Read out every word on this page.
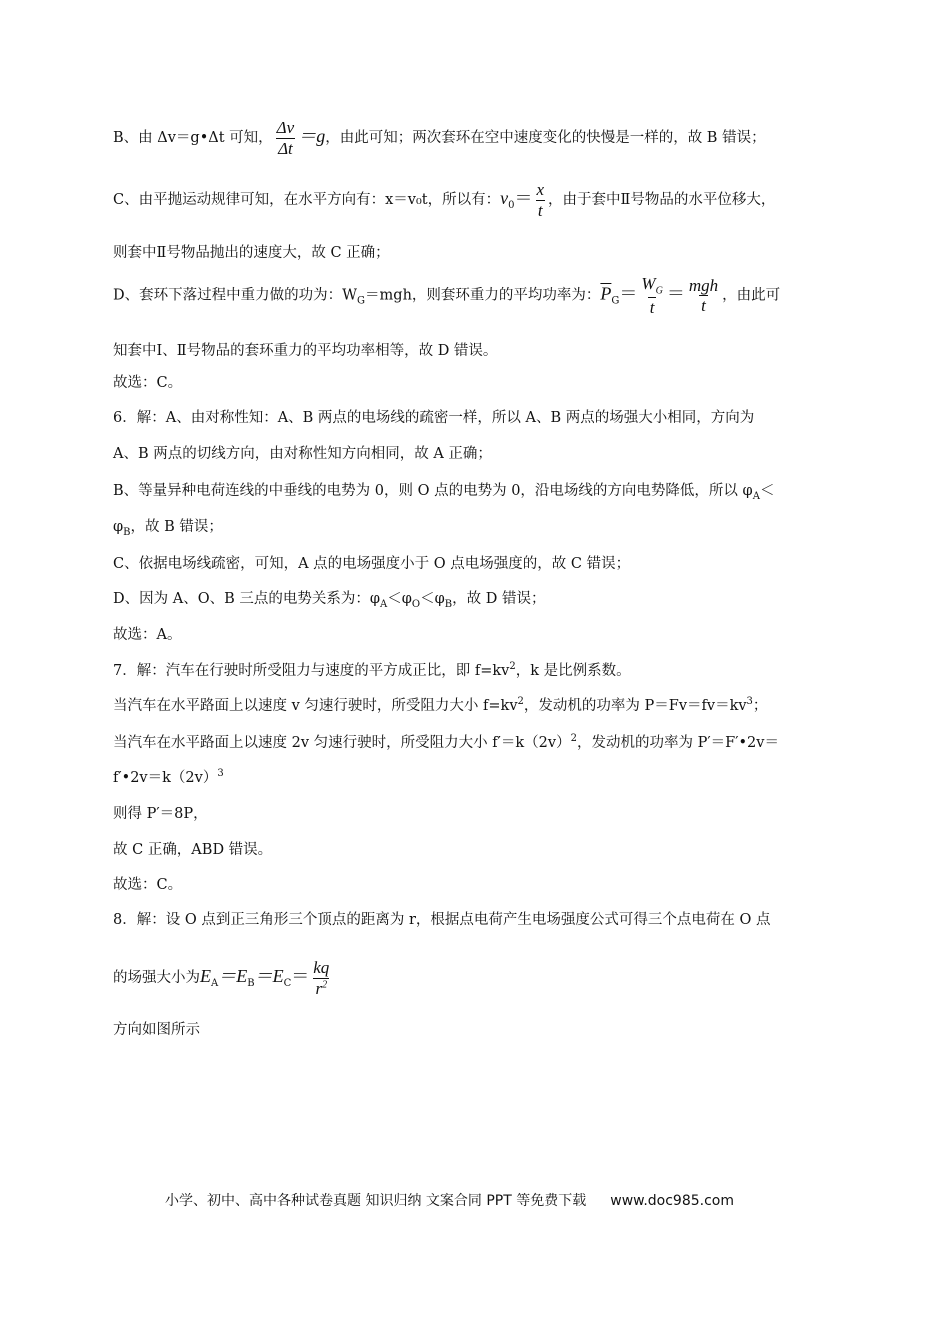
B、由 Δv＝g•Δt 可知， $\frac{\Delta v}{\Delta t} =g$，由此可知；两次套环在空中速度变化的快慢是一样的，故 B 错误；
C、由平抛运动规律可知，在水平方向有：x＝v₀t，所以有：$v_0= \frac{x}{t}$ ，由于套中Ⅱ号物品的水平位移大，
则套中Ⅱ号物品抛出的速度大，故 C 正确；
D、套环下落过程中重力做的功为：$W_G=mgh$，则套环重力的平均功率为：$\overline{P}_G= \frac{W_G}{t} = \frac{\text{mgh}}{t}$ ，由此可
知套中Ⅰ、Ⅱ号物品的套环重力的平均功率相等，故 D 错误。
故选：C。
6．解：A、由对称性知：A、B 两点的电场线的疏密一样，所以 A、B 两点的场强大小相同，方向为
A、B 两点的切线方向，由对称性知方向相同，故 A 正确；
B、等量异种电荷连线的中垂线的电势为 0，则 O 点的电势为 0，沿电场线的方向电势降低，所以 $\varphi_A<$
$\varphi_B$，故 B 错误；
C、依据电场线疏密，可知，A 点的电场强度小于 O 点电场强度的，故 C 错误；
D、因为 A、O、B 三点的电势关系为：$\varphi_A<\varphi_O<\varphi_B$，故 D 错误；
故选：A。
7．解：汽车在行驶时所受阻力与速度的平方成正比，即 $f=kv^2$，k 是比例系数。
当汽车在水平路面上以速度 v 匀速行驶时，所受阻力大小 $f=kv^2$，发动机的功率为 $P=Fv=fv=kv^3$；
当汽车在水平路面上以速度 2v 匀速行驶时，所受阻力大小 $f'=k(2v)^2$，发动机的功率为 P′＝F′•2v＝
$f'•2v=k(2v)^3$
则得 P′＝8P，
故 C 正确，ABD 错误。
故选：C。
8．解：设 O 点到正三角形三个顶点的距离为 r，根据点电荷产生电场强度公式可得三个点电荷在 O 点
的场强大小为$E_A=E_B=E_C= \frac{kq}{r^2}$
方向如图所示
小学、初中、高中各种试卷真题 知识归纳 文案合同 PPT 等免费下载 www.doc985.com
